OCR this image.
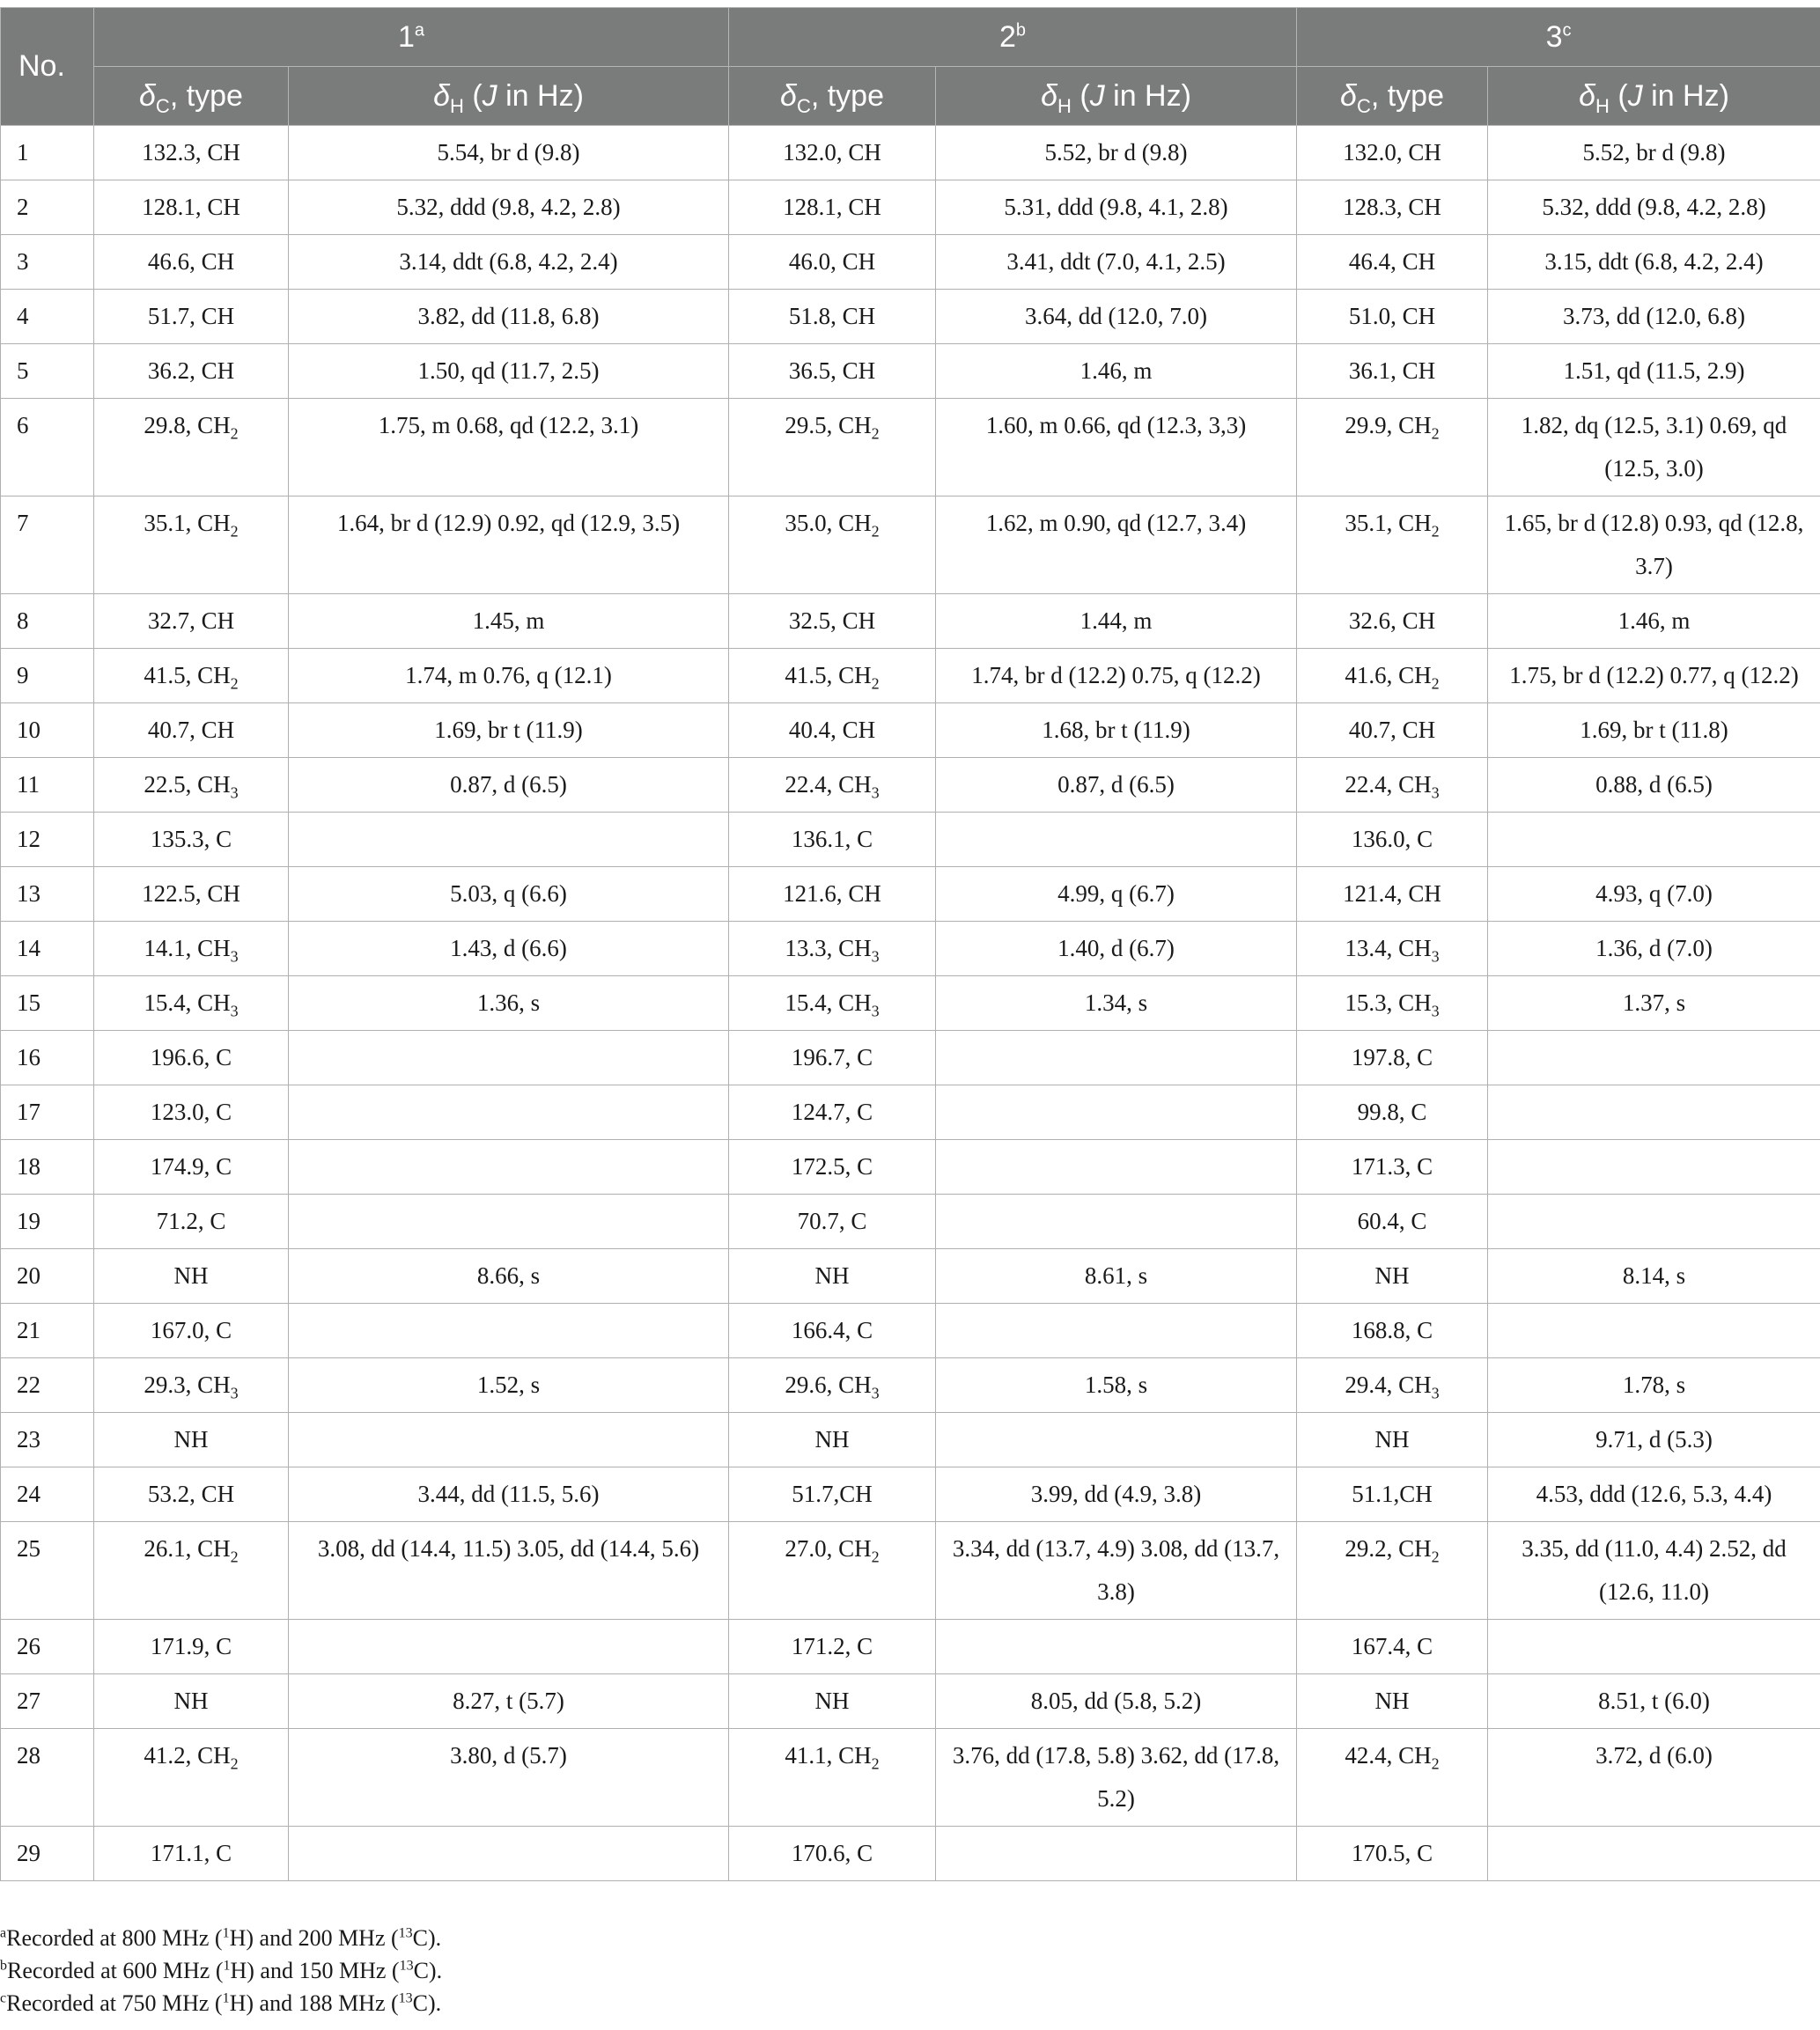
No.	1$^a$		2$^b$		3$^c$
	$\delta_C$, type	$\delta_H$ (J in Hz)	$\delta_C$, type	$\delta_H$ (J in Hz)	$\delta_C$, type	$\delta_H$ (J in Hz)
1	132.3, CH	5.54, br d (9.8)	132.0, CH	5.52, br d (9.8)	132.0, CH	5.52, br d (9.8)
2	128.1, CH	5.32, ddd (9.8, 4.2, 2.8)	128.1, CH	5.31, ddd (9.8, 4.1, 2.8)	128.3, CH	5.32, ddd (9.8, 4.2, 2.8)
3	46.6, CH	3.14, ddt (6.8, 4.2, 2.4)	46.0, CH	3.41, ddt (7.0, 4.1, 2.5)	46.4, CH	3.15, ddt (6.8, 4.2, 2.4)
4	51.7, CH	3.82, dd (11.8, 6.8)	51.8, CH	3.64, dd (12.0, 7.0)	51.0, CH	3.73, dd (12.0, 6.8)
5	36.2, CH	1.50, qd (11.7, 2.5)	36.5, CH	1.46, m	36.1, CH	1.51, qd (11.5, 2.9)
6	29.8, $CH_2$	1.75, m 0.68, qd (12.2, 3.1)	29.5, $CH_2$	1.60, m 0.66, qd (12.3, 3,3)	29.9, $CH_2$	1.82, dq (12.5, 3.1) 0.69, qd (12.5, 3.0)
7	35.1, $CH_2$	1.64, br d (12.9) 0.92, qd (12.9, 3.5)	35.0, $CH_2$	1.62, m 0.90, qd (12.7, 3.4)	35.1, $CH_2$	1.65, br d (12.8) 0.93, qd (12.8, 3.7)
8	32.7, CH	1.45, m	32.5, CH	1.44, m	32.6, CH	1.46, m
9	41.5, $CH_2$	1.74, m 0.76, q (12.1)	41.5, $CH_2$	1.74, br d (12.2) 0.75, q (12.2)	41.6, $CH_2$	1.75, br d (12.2) 0.77, q (12.2)
10	40.7, CH	1.69, br t (11.9)	40.4, CH	1.68, br t (11.9)	40.7, CH	1.69, br t (11.8)
11	22.5, $CH_3$	0.87, d (6.5)	22.4, $CH_3$	0.87, d (6.5)	22.4, $CH_3$	0.88, d (6.5)
12	135.3, C		136.1, C		136.0, C	
13	122.5, CH	5.03, q (6.6)	121.6, CH	4.99, q (6.7)	121.4, CH	4.93, q (7.0)
14	14.1, $CH_3$	1.43, d (6.6)	13.3, $CH_3$	1.40, d (6.7)	13.4, $CH_3$	1.36, d (7.0)
15	15.4, $CH_3$	1.36, s	15.4, $CH_3$	1.34, s	15.3, $CH_3$	1.37, s
16	196.6, C		196.7, C		197.8, C	
17	123.0, C		124.7, C		99.8, C	
18	174.9, C		172.5, C		171.3, C	
19	71.2, C		70.7, C		60.4, C	
20	NH	8.66, s	NH	8.61, s	NH	8.14, s
21	167.0, C		166.4, C		168.8, C	
22	29.3, $CH_3$	1.52, s	29.6, $CH_3$	1.58, s	29.4, $CH_3$	1.78, s
23	NH		NH		NH	9.71, d (5.3)
24	53.2, CH	3.44, dd (11.5, 5.6)	51.7,CH	3.99, dd (4.9, 3.8)	51.1,CH	4.53, ddd (12.6, 5.3, 4.4)
25	26.1, $CH_2$	3.08, dd (14.4, 11.5) 3.05, dd (14.4, 5.6)	27.0, $CH_2$	3.34, dd (13.7, 4.9) 3.08, dd (13.7, 3.8)	29.2, $CH_2$	3.35, dd (11.0, 4.4) 2.52, dd (12.6, 11.0)
26	171.9, C		171.2, C		167.4, C	
27	NH	8.27, t (5.7)	NH	8.05, dd (5.8, 5.2)	NH	8.51, t (6.0)
28	41.2, $CH_2$	3.80, d (5.7)	41.1, $CH_2$	3.76, dd (17.8, 5.8) 3.62, dd (17.8, 5.2)	42.4, $CH_2$	3.72, d (6.0)
29	171.1, C		170.6, C		170.5, C	
$^a$Recorded at 800 MHz ($^1$H) and 200 MHz ($^{13}$C).
$^b$Recorded at 600 MHz ($^1$H) and 150 MHz ($^{13}$C).
$^c$Recorded at 750 MHz ($^1$H) and 188 MHz ($^{13}$C).
